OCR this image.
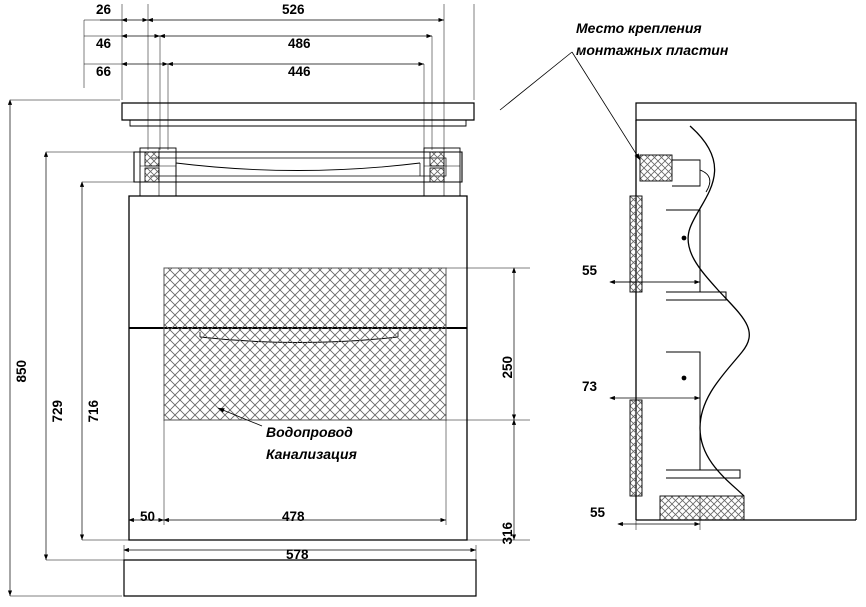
26	526
46	486
66	446
850
729 716
250
316
50	478
578
Водопровод
Канализация
Место крепления
монтажных пластин
55
73
55
